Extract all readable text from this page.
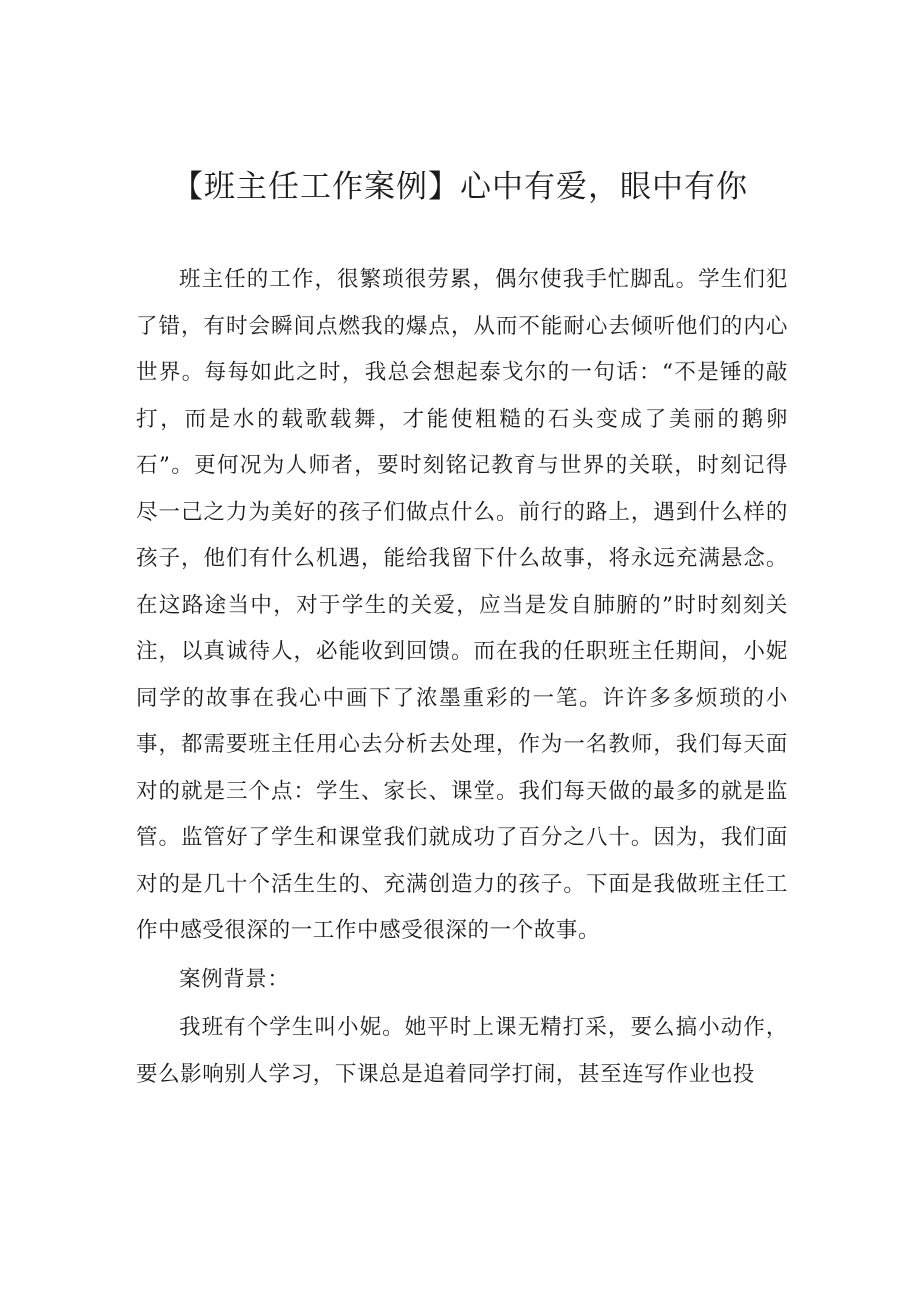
【班主任工作案例】心中有爱，眼中有你

班主任的工作，很繁琐很劳累，偶尔使我手忙脚乱。学生们犯了错，有时会瞬间点燃我的爆点，从而不能耐心去倾听他们的内心世界。每每如此之时，我总会想起泰戈尔的一句话：“不是锤的敲打，而是水的载歌载舞，才能使粗糙的石头变成了美丽的鹅卵石”。更何况为人师者，要时刻铭记教育与世界的关联，时刻记得尽一己之力为美好的孩子们做点什么。前行的路上，遇到什么样的孩子，他们有什么机遇，能给我留下什么故事，将永远充满悬念。在这路途当中，对于学生的关爱，应当是发自肺腑的”时时刻刻关注，以真诚待人，必能收到回馈。而在我的任职班主任期间，小妮同学的故事在我心中画下了浓墨重彩的一笔。许许多多烦琐的小事，都需要班主任用心去分析去处理，作为一名教师，我们每天面对的就是三个点：学生、家长、课堂。我们每天做的最多的就是监管。监管好了学生和课堂我们就成功了百分之八十。因为，我们面对的是几十个活生生的、充满创造力的孩子。下面是我做班主任工作中感受很深的一工作中感受很深的一个故事。

案例背景：

我班有个学生叫小妮。她平时上课无精打采，要么搞小动作，要么影响别人学习，下课总是追着同学打闹，甚至连写作业也投
